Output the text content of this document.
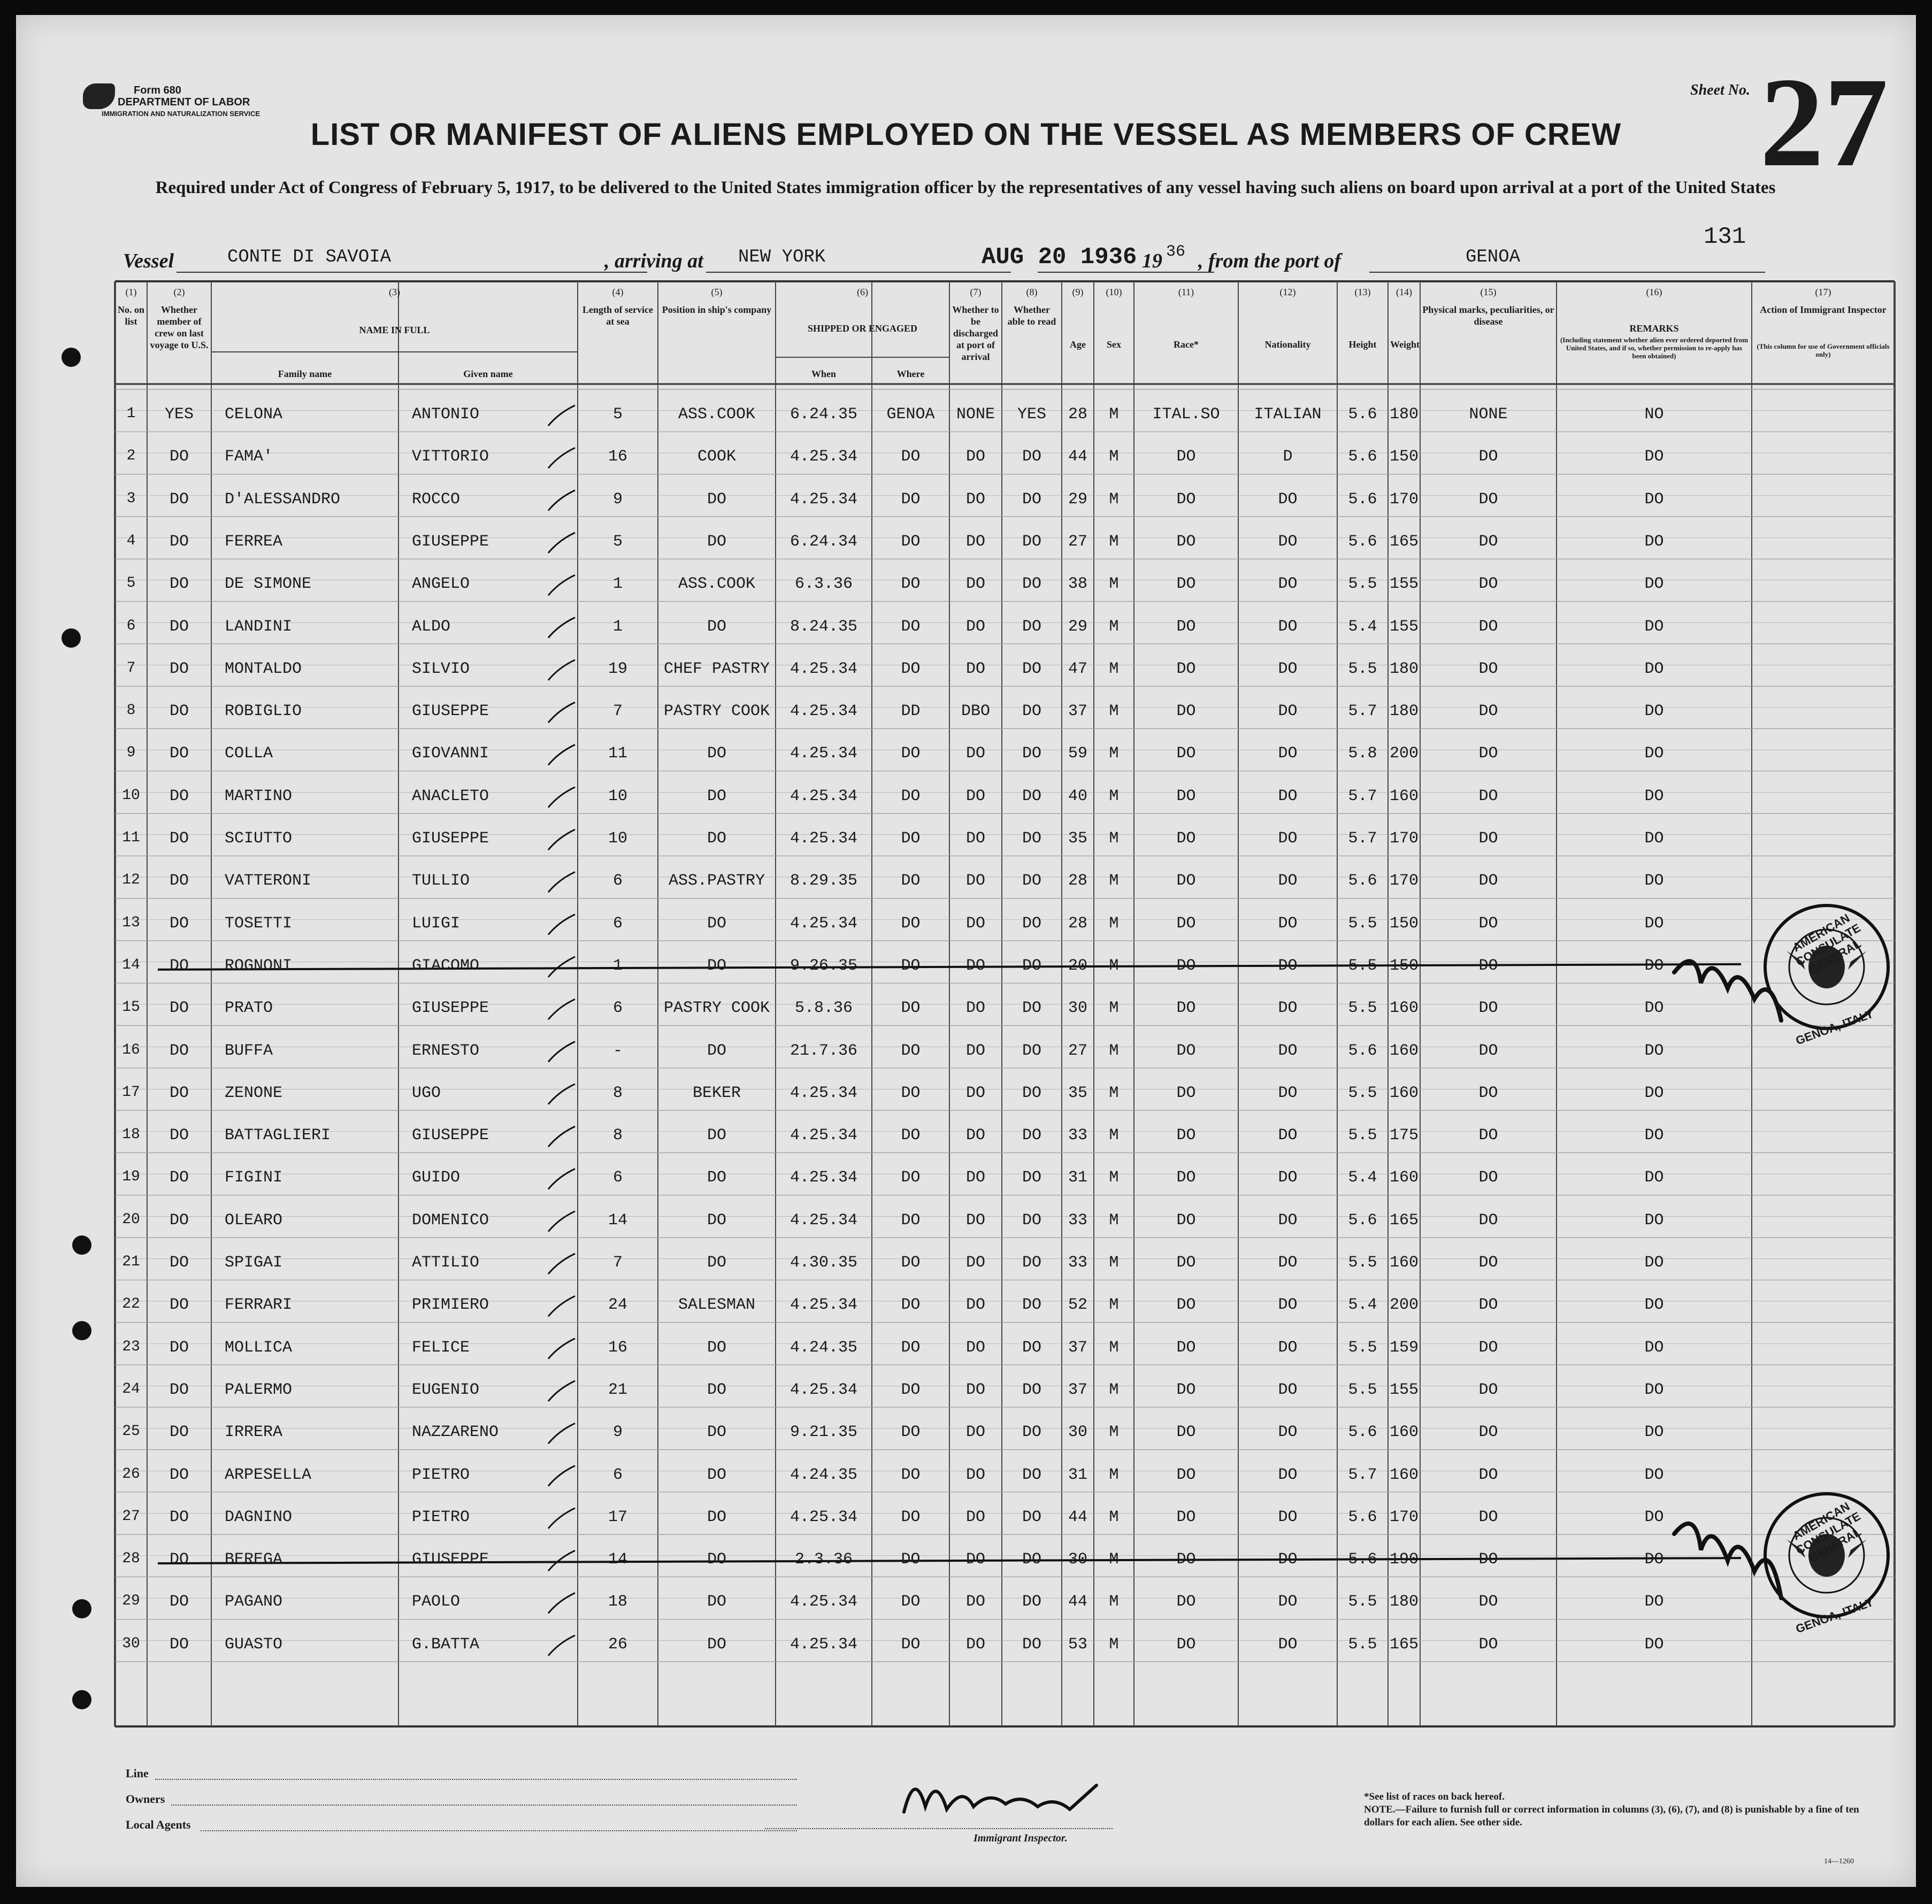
Form 680
DEPARTMENT OF LABOR
IMMIGRATION AND NATURALIZATION SERVICE
Sheet No. 27
LIST OR MANIFEST OF ALIENS EMPLOYED ON THE VESSEL AS MEMBERS OF CREW
Required under Act of Congress of February 5, 1917, to be delivered to the United States immigration officer by the representatives of any vessel having such aliens on board upon arrival at a port of the United States
131
Vessel	CONTE DI SAVOIA	, arriving at NEW YORK	AUG 20 1936 19 36 , from the port of	GENOA
(1)
No. on list
(2)
Whether member of crew on last voyage to U.S.
(3)
NAME IN FULL
(4)
Length of service at sea
(5)
Position in ship's company
(6)
SHIPPED OR ENGAGED
(7)
Whether to be discharged at port of arrival
(8)
Whether able to read
(9)
Age
(10)
Sex
(11)
Race*
(12)
Nationality
(13)
Height
(14)
Weight
(15)
Physical marks, peculiarities, or disease
(16)
REMARKS
(17)
Action of Immigrant Inspector
Family name	Given name	When	Where
(Including statement whether alien ever ordered deported from United States, and if so, whether permission to re-apply has been obtained)
(This column for use of Government officials only)
1	YES	CELONA	ANTONIO	5	ASS.COOK	6.24.35	GENOA	NONE	YES	28	M	ITAL.SO	ITALIAN	5.6 180	NONE	NO
2	DO	FAMA'	VITTORIO	16	COOK	4.25.34	DO	DO	DO	44	M	DO	D	5.6 150	DO	DO
3	DO	D'ALESSANDRO	ROCCO	9	DO	4.25.34	DO	DO	DO	29	M	DO	DO	5.6 170	DO	DO
4	DO	FERREA	GIUSEPPE	5	DO	6.24.34	DO	DO	DO	27	M	DO	DO	5.6 165	DO	DO
5	DO	DE SIMONE	ANGELO	1	ASS.COOK	6.3.36	DO	DO	DO	38	M	DO	DO	5.5 155	DO	DO
6	DO	LANDINI	ALDO	1	DO	8.24.35	DO	DO	DO	29	M	DO	DO	5.4 155	DO	DO
7	DO	MONTALDO	SILVIO	19	CHEF PASTRY	4.25.34	DO	DO	DO	47	M	DO	DO	5.5 180	DO	DO
8	DO	ROBIGLIO	GIUSEPPE	7	PASTRY COOK	4.25.34	DD	DBO	DO	37	M	DO	DO	5.7 180	DO	DO
9	DO	COLLA	GIOVANNI	11	DO	4.25.34	DO	DO	DO	59	M	DO	DO	5.8 200	DO	DO
10	DO	MARTINO	ANACLETO	10	DO	4.25.34	DO	DO	DO	40	M	DO	DO	5.7 160	DO	DO
11	DO	SCIUTTO	GIUSEPPE	10	DO	4.25.34	DO	DO	DO	35	M	DO	DO	5.7 170	DO	DO
12	DO	VATTERONI	TULLIO	6	ASS.PASTRY	8.29.35	DO	DO	DO	28	M	DO	DO	5.6 170	DO	DO
13	DO	TOSETTI	LUIGI	6	DO	4.25.34	DO	DO	DO	28	M	DO	DO	5.5 150	DO	DO
14	DO	ROGNONI	GIACOMO	1	DO	9.26.35	DO	DO	DO	20	M	DO	DO	5.5 150	DO	DO
15	DO	PRATO	GIUSEPPE	6	PASTRY COOK	5.8.36	DO	DO	DO	30	M	DO	DO	5.5 160	DO	DO
16	DO	BUFFA	ERNESTO	-	DO	21.7.36	DO	DO	DO	27	M	DO	DO	5.6 160	DO	DO
17	DO	ZENONE	UGO	8	BEKER	4.25.34	DO	DO	DO	35	M	DO	DO	5.5 160	DO	DO
18	DO	BATTAGLIERI	GIUSEPPE	8	DO	4.25.34	DO	DO	DO	33	M	DO	DO	5.5 175	DO	DO
19	DO	FIGINI	GUIDO	6	DO	4.25.34	DO	DO	DO	31	M	DO	DO	5.4 160	DO	DO
20	DO	OLEARO	DOMENICO	14	DO	4.25.34	DO	DO	DO	33	M	DO	DO	5.6 165	DO	DO
21	DO	SPIGAI	ATTILIO	7	DO	4.30.35	DO	DO	DO	33	M	DO	DO	5.5 160	DO	DO
22	DO	FERRARI	PRIMIERO	24	SALESMAN	4.25.34	DO	DO	DO	52	M	DO	DO	5.4 200	DO	DO
23	DO	MOLLICA	FELICE	16	DO	4.24.35	DO	DO	DO	37	M	DO	DO	5.5 159	DO	DO
24	DO	PALERMO	EUGENIO	21	DO	4.25.34	DO	DO	DO	37	M	DO	DO	5.5 155	DO	DO
25	DO	IRRERA	NAZZARENO	9	DO	9.21.35	DO	DO	DO	30	M	DO	DO	5.6 160	DO	DO
26	DO	ARPESELLA	PIETRO	6	DO	4.24.35	DO	DO	DO	31	M	DO	DO	5.7 160	DO	DO
27	DO	DAGNINO	PIETRO	17	DO	4.25.34	DO	DO	DO	44	M	DO	DO	5.6 170	DO	DO
28	DO	BEREGA	GIUSEPPE	14	DO	2.3.36	DO	DO	DO	30	M	DO	DO	5.6 190	DO	DO
29	DO	PAGANO	PAOLO	18	DO	4.25.34	DO	DO	DO	44	M	DO	DO	5.5 180	DO	DO
30	DO	GUASTO	G.BATTA	26	DO	4.25.34	DO	DO	DO	53	M	DO	DO	5.5 165	DO	DO
AMERICAN CONSULATE GENERAL
GENOA, ITALY
AMERICAN CONSULATE GENERAL
GENOA, ITALY
Line
Owners
Local Agents
Immigrant Inspector.
*See list of races on back hereof.
NOTE.—Failure to furnish full or correct information in columns (3), (6), (7), and (8) is punishable by a fine of ten dollars for each alien. See other side.
14—1260
